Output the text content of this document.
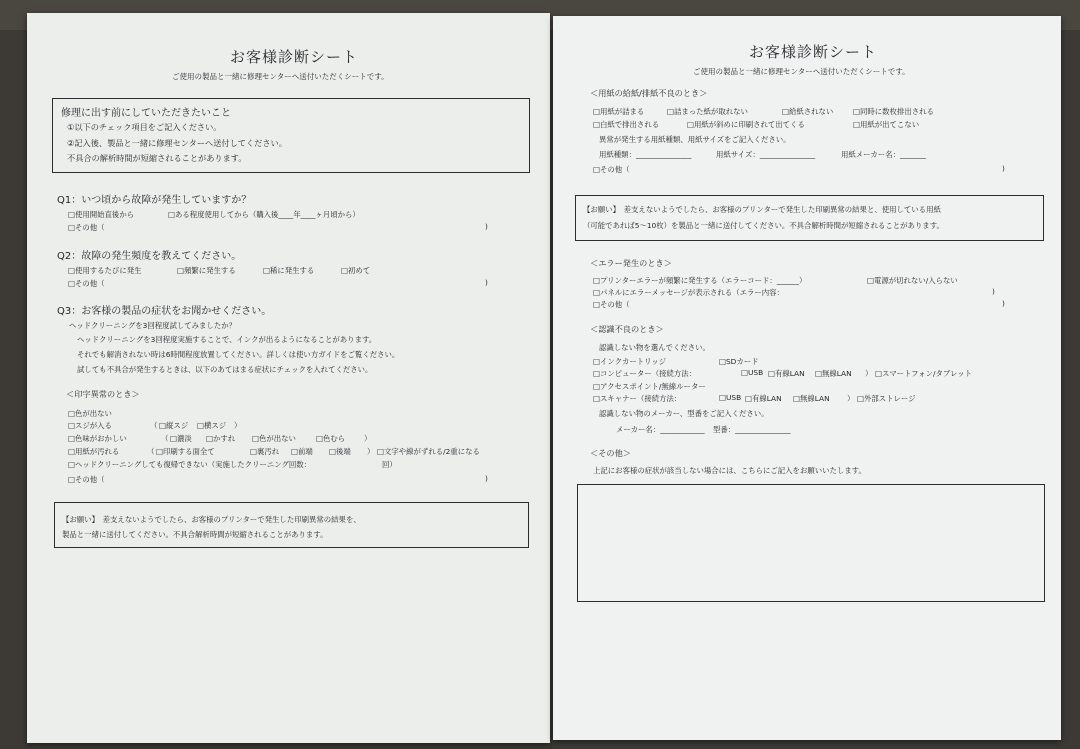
お客様診断シート
ご使用の製品と一緒に修理センターへ送付いただくシートです。
修理に出す前にしていただきたいこと
①以下のチェック項目をご記入ください。
②記入後、製品と一緒に修理センターへ送付してください。
不具合の解析時間が短縮されることがあります。
Q1：いつ頃から故障が発生していますか？
□使用開始直後から	□ある程度使用してから（購入後____年____ヶ月頃から）
□その他（	)
Q2：故障の発生頻度を教えてください。
□使用するたびに発生	□頻繁に発生する	□稀に発生する	□初めて
□その他（	)
Q3：お客様の製品の症状をお聞かせください。
ヘッドクリーニングを3回程度試してみましたか？
ヘッドクリーニングを3回程度実施することで、インクが出るようになることがあります。
それでも解消されない時は6時間程度放置してください。詳しくは使い方ガイドをご覧ください。
試しても不具合が発生するときは、以下のあてはまる症状にチェックを入れてください。
＜印字異常のとき＞
□色が出ない
□スジが入る	（ □縦スジ □横スジ ）
□色味がおかしい	（ □濃淡 □かすれ □色が出ない	□色むら	）
□用紙が汚れる	（ □印刷する面全て	□裏汚れ □前端 □後端 ） □文字や線がずれる/2重になる
□ヘッドクリーニングしても復帰できない（実施したクリーニング回数：	回）
□その他（	)
【お願い】　差支えないようでしたら、お客様のプリンターで発生した印刷異常の結果を、
製品と一緒に送付してください。不具合解析時間が短縮されることがあります。
お客様診断シート
ご使用の製品と一緒に修理センターへ送付いただくシートです。
＜用紙の給紙/排紙不良のとき＞
□用紙が詰まる	□詰まった紙が取れない	□給紙されない	□同時に数枚排出される
□白紙で排出される	□用紙が斜めに印刷されて出てくる	□用紙が出てこない
異常が発生する用紙種類、用紙サイズをご記入ください。
用紙種類：_______________	用紙サイズ：_______________	用紙メーカー名：_______
□その他（	)
【お願い】　差支えないようでしたら、お客様のプリンターで発生した印刷異常の結果と、使用している用紙
（可能であれば5〜10枚）を製品と一緒に送付してください。不具合解析時間が短縮されることがあります。
＜エラー発生のとき＞
□プリンターエラーが頻繁に発生する（エラーコード：______）	□電源が切れない/入らない
□パネルにエラーメッセージが表示される（エラー内容：	)
□その他（	)
＜認識不良のとき＞
認識しない物を選んでください。
□インクカートリッジ	□SDカード
□コンピューター（接続方法：	□USB □有線LAN □無線LAN ） □スマートフォン/タブレット
□アクセスポイント/無線ルーター
□スキャナー（接続方法：	□USB □有線LAN □無線LAN ） □外部ストレージ
認識しない物のメーカー、型番をご記入ください。
メーカー名：____________ 型番：_______________
＜その他＞
上記にお客様の症状が該当しない場合には、こちらにご記入をお願いいたします。
